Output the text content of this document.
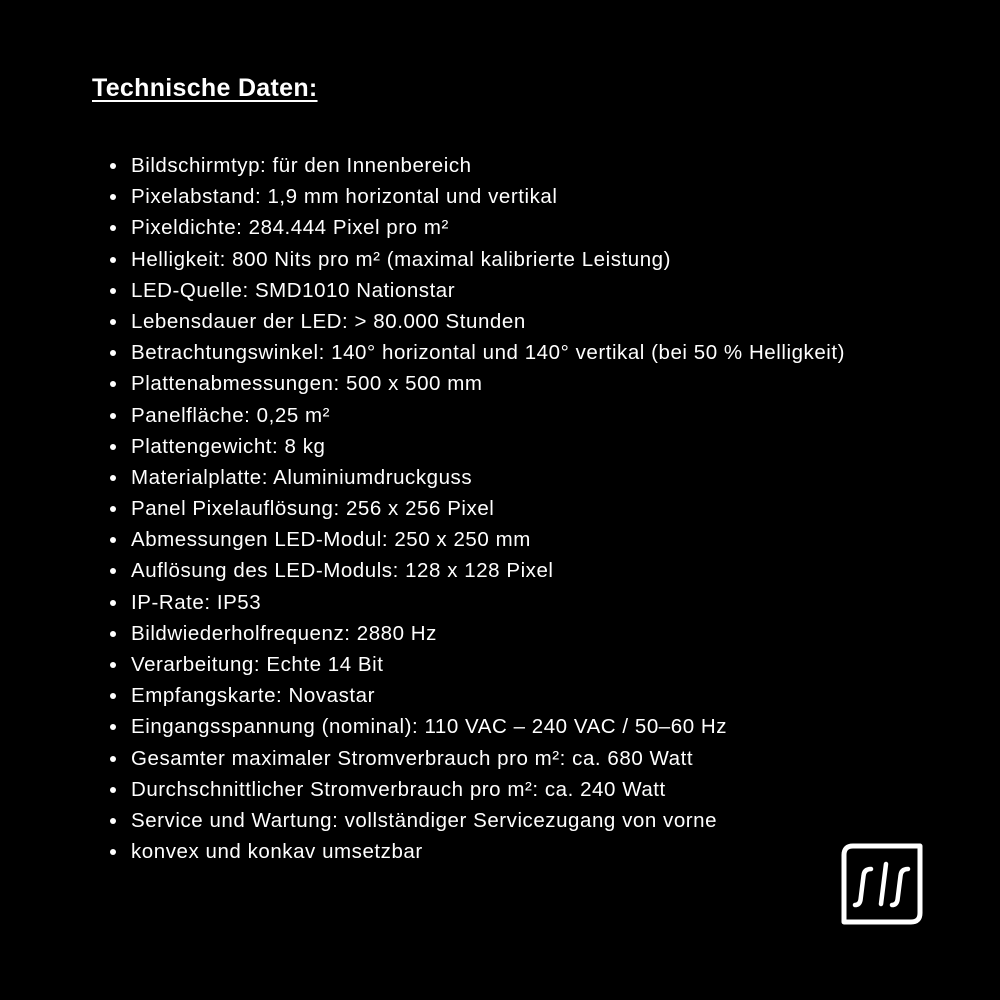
Technische Daten:
Bildschirmtyp: für den Innenbereich
Pixelabstand: 1,9 mm horizontal und vertikal
Pixeldichte: 284.444 Pixel pro m²
Helligkeit: 800 Nits pro m² (maximal kalibrierte Leistung)
LED-Quelle: SMD1010 Nationstar
Lebensdauer der LED: > 80.000 Stunden
Betrachtungswinkel: 140° horizontal und 140° vertikal (bei 50 % Helligkeit)
Plattenabmessungen: 500 x 500 mm
Panelfläche: 0,25 m²
Plattengewicht: 8 kg
Materialplatte: Aluminiumdruckguss
Panel Pixelauflösung: 256 x 256 Pixel
Abmessungen LED-Modul: 250 x 250 mm
Auflösung des LED-Moduls: 128 x 128 Pixel
IP-Rate: IP53
Bildwiederholfrequenz: 2880 Hz
Verarbeitung: Echte 14 Bit
Empfangskarte: Novastar
Eingangsspannung (nominal): 110 VAC – 240 VAC / 50–60 Hz
Gesamter maximaler Stromverbrauch pro m²: ca. 680 Watt
Durchschnittlicher Stromverbrauch pro m²: ca. 240 Watt
Service und Wartung: vollständiger Servicezugang von vorne
konvex und konkav umsetzbar
